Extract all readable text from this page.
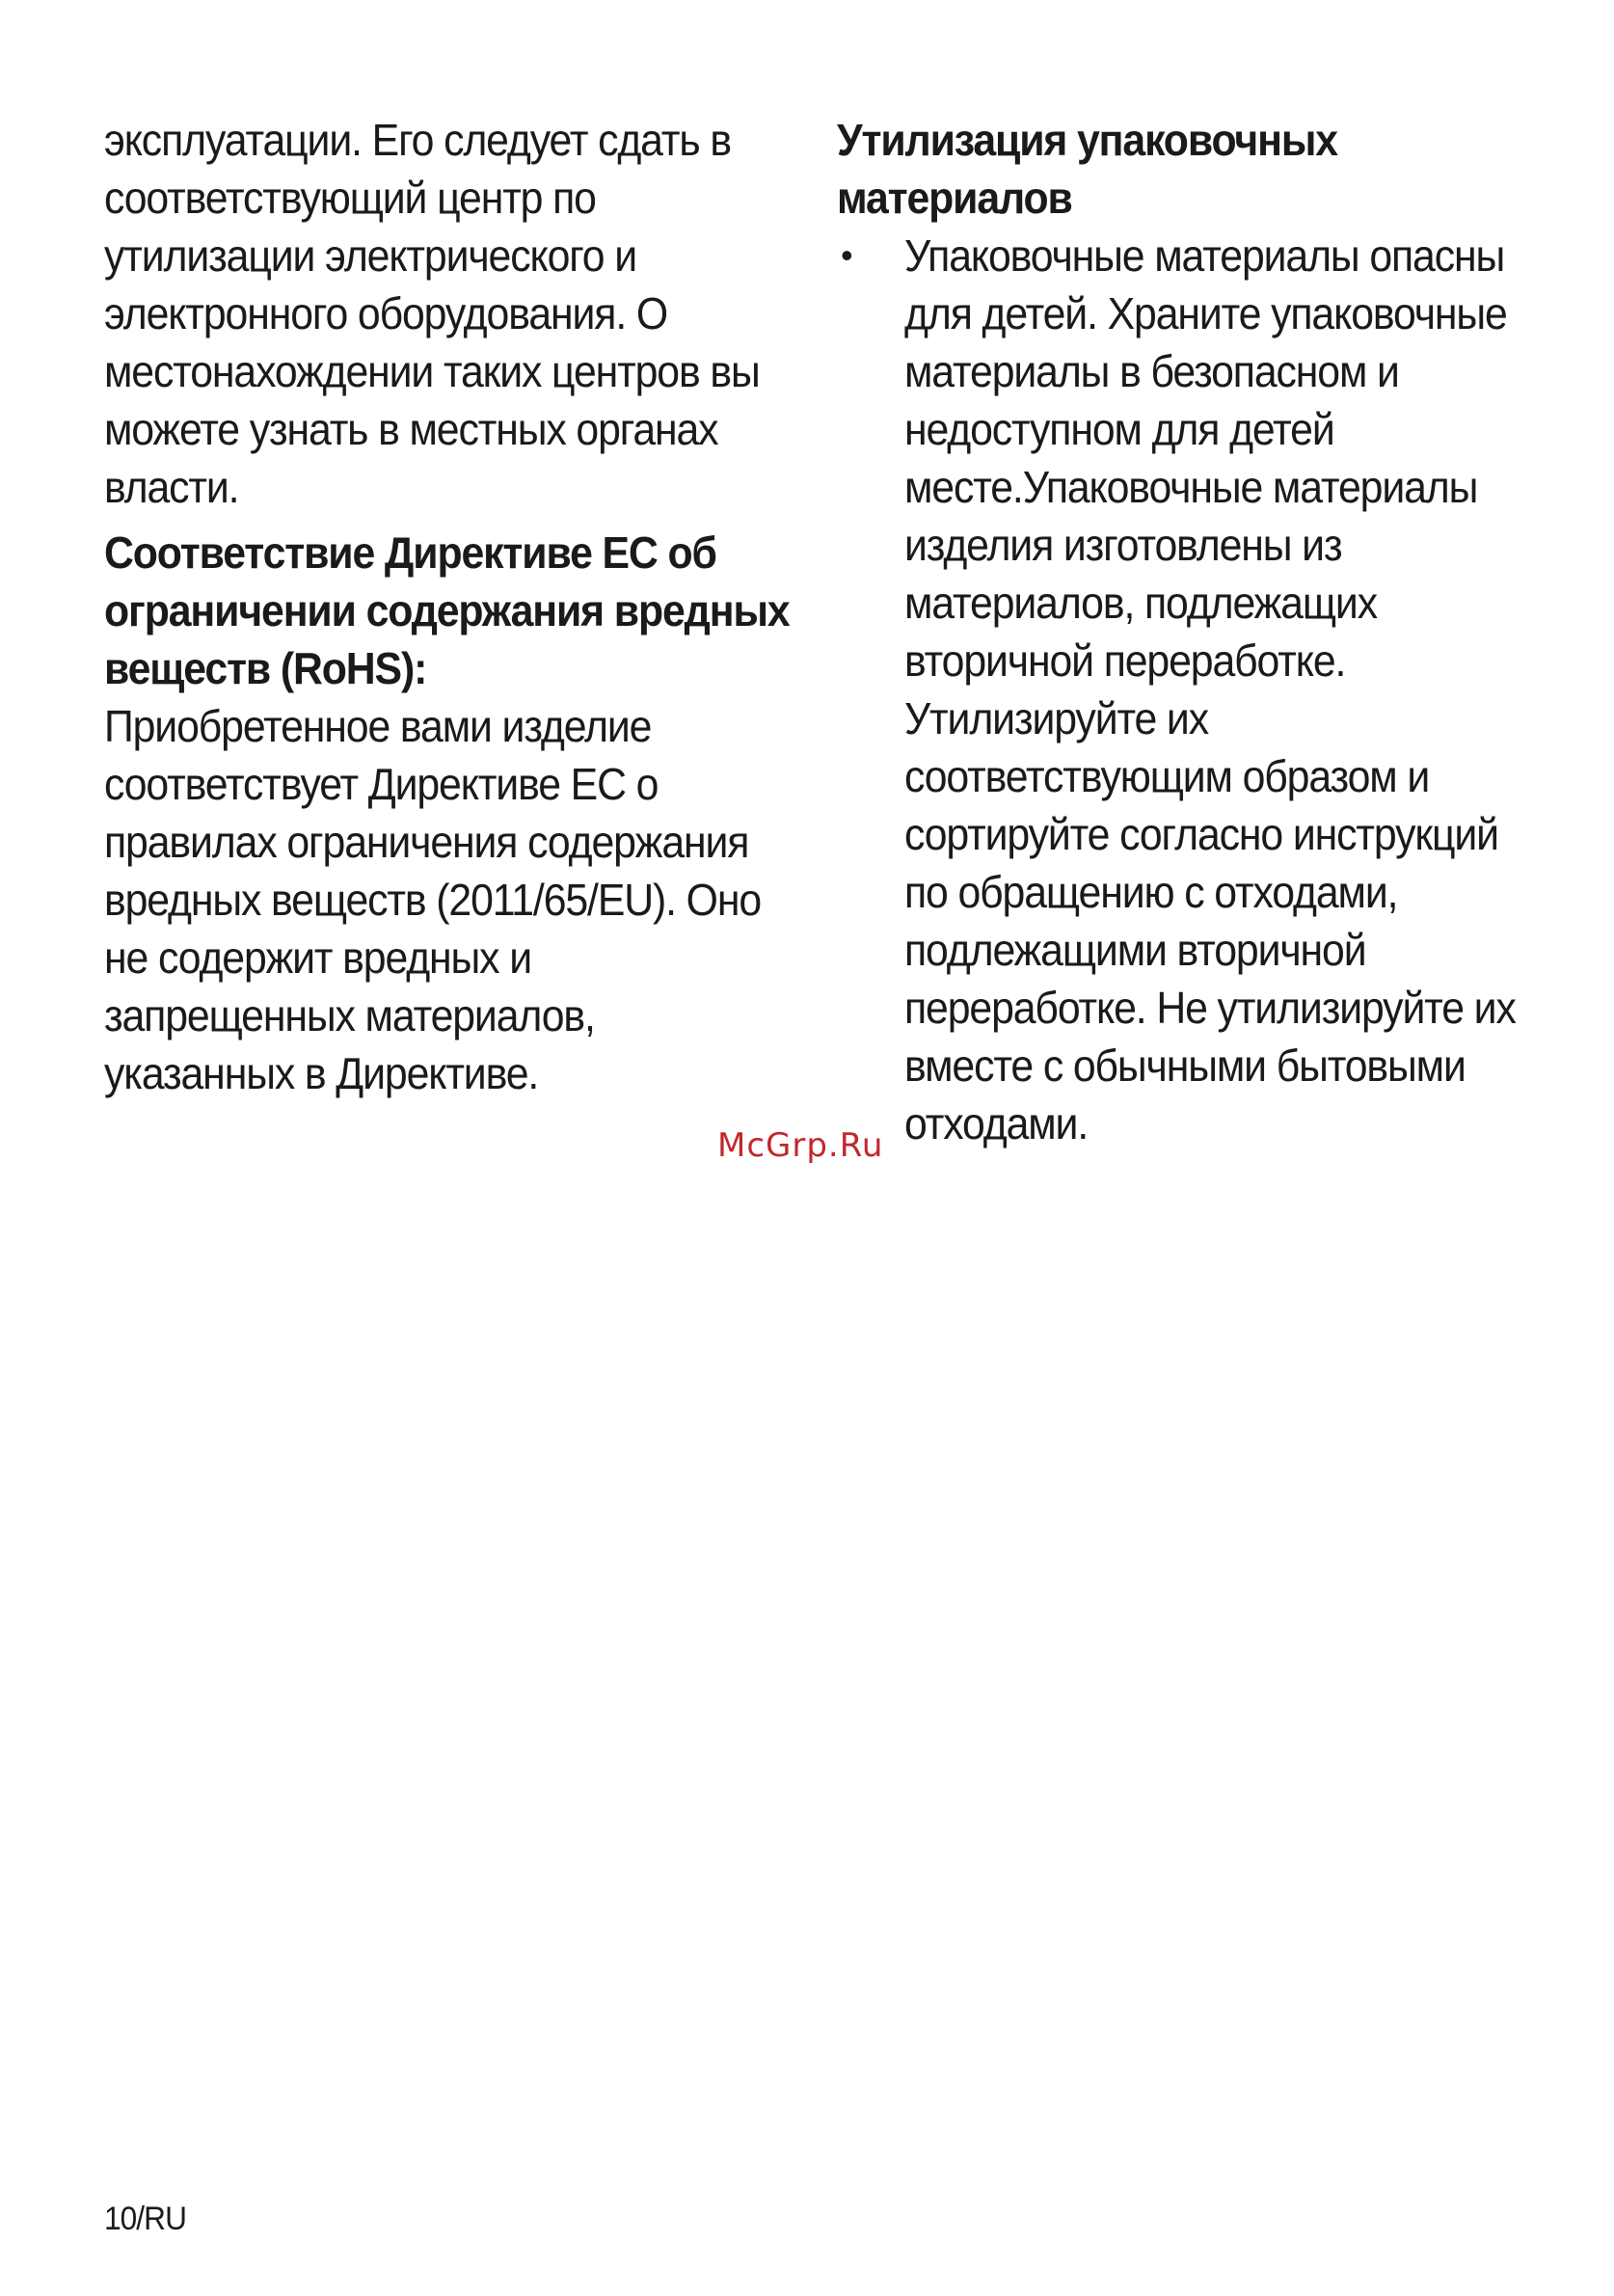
эксплуатации. Его следует сдать в соответствующий центр по утилизации электрического и электронного оборудования. О местонахождении таких центров вы можете узнать в местных органах власти.

Соответствие Директиве ЕС об ограничении содержания вредных веществ (RoHS):

Приобретенное вами изделие соответствует Директиве ЕС о правилах ограничения содержания вредных веществ (2011/65/EU). Оно не содержит вредных и запрещенных материалов, указанных в Директиве.

Утилизация упаковочных материалов

• Упаковочные материалы опасны для детей. Храните упаковочные материалы в безопасном и недоступном для детей месте.Упаковочные материалы изделия изготовлены из материалов, подлежащих вторичной переработке. Утилизируйте их соответствующим образом и сортируйте согласно инструкций по обращению с отходами, подлежащими вторичной переработке. Не утилизируйте их вместе с обычными бытовыми отходами.

McGrp.Ru
10/RU
